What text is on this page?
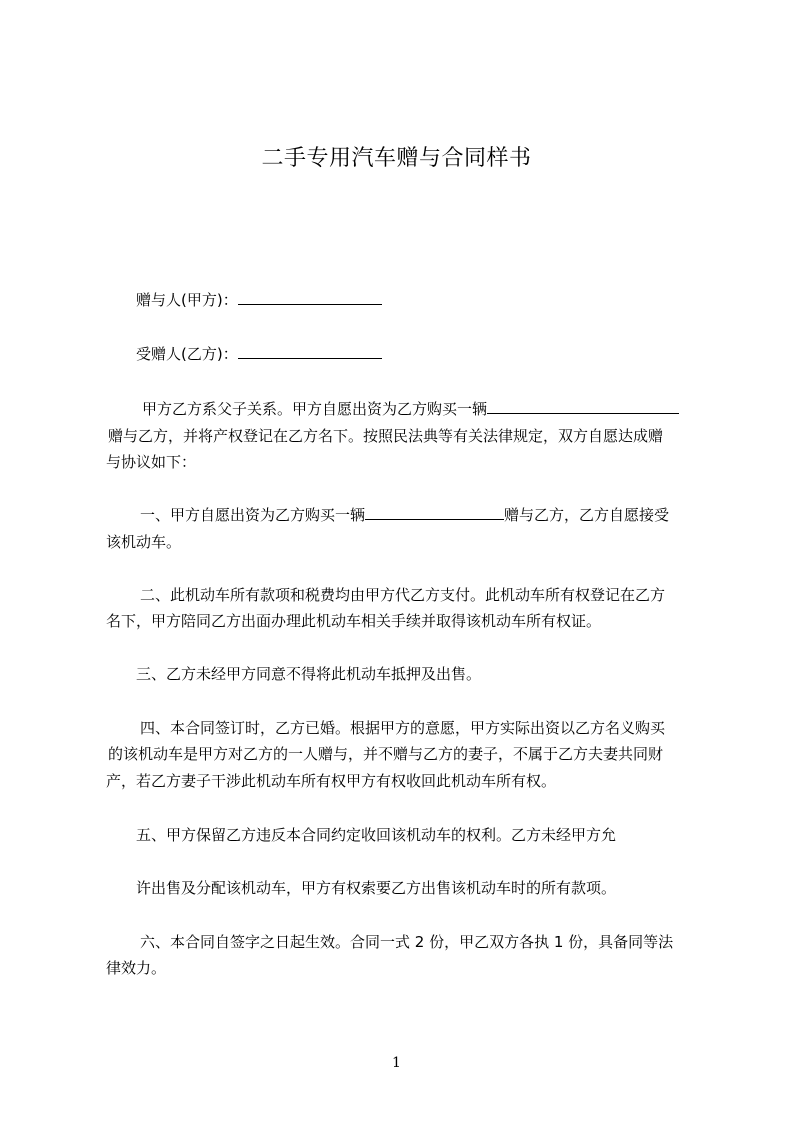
二手专用汽车赠与合同样书
赠与人(甲方)：
受赠人(乙方)：
甲方乙方系父子关系。甲方自愿出资为乙方购买一辆
赠与乙方，并将产权登记在乙方名下。按照民法典等有关法律规定，双方自愿达成赠
与协议如下：
一、甲方自愿出资为乙方购买一辆	赠与乙方，乙方自愿接受
该机动车。
二、此机动车所有款项和税费均由甲方代乙方支付。此机动车所有权登记在乙方
名下，甲方陪同乙方出面办理此机动车相关手续并取得该机动车所有权证。
三、乙方未经甲方同意不得将此机动车抵押及出售。
四、本合同签订时，乙方已婚。根据甲方的意愿，甲方实际出资以乙方名义购买
的该机动车是甲方对乙方的一人赠与，并不赠与乙方的妻子，不属于乙方夫妻共同财
产，若乙方妻子干涉此机动车所有权甲方有权收回此机动车所有权。
五、甲方保留乙方违反本合同约定收回该机动车的权利。乙方未经甲方允
许出售及分配该机动车，甲方有权索要乙方出售该机动车时的所有款项。
六、本合同自签字之日起生效。合同一式 2 份，甲乙双方各执 1 份，具备同等法
律效力。
1
